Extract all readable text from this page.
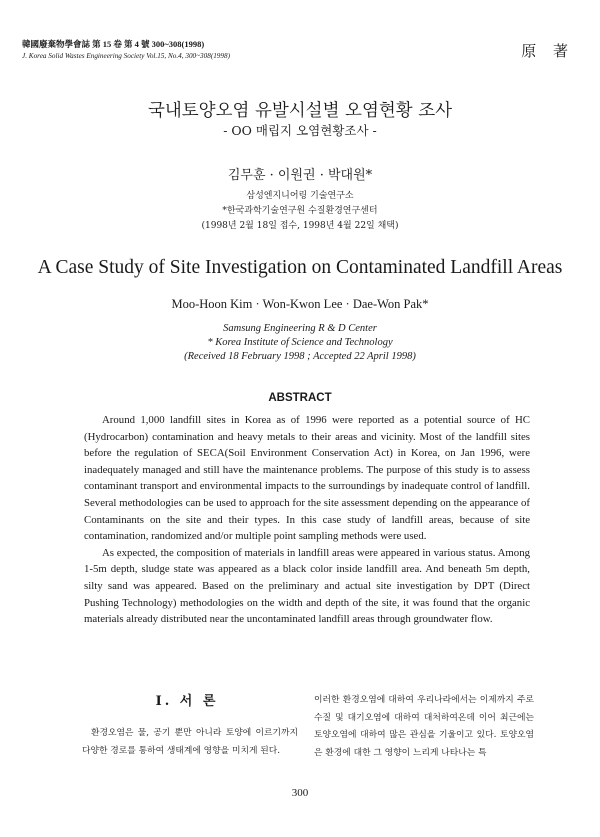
韓國廢棄物學會誌 第 15 卷 第 4 號 300~308(1998)
J. Korea Solid Wastes Engineering Society Vol.15, No.4, 300~308(1998)	原 著
국내토양오염 유발시설별 오염현황 조사
- OO 매립지 오염현황조사 -
김무훈 · 이원권 · 박대원*
삼성엔지니어링 기술연구소
*한국과학기술연구원 수질환경연구센터
(1998년 2월 18일 접수, 1998년 4월 22일 채택)
A Case Study of Site Investigation on Contaminated Landfill Areas
Moo-Hoon Kim · Won-Kwon Lee · Dae-Won Pak*
Samsung Engineering R & D Center
* Korea Institute of Science and Technology
(Received 18 February 1998 ; Accepted 22 April 1998)
ABSTRACT

Around 1,000 landfill sites in Korea as of 1996 were reported as a potential source of HC (Hydrocarbon) contamination and heavy metals to their areas and vicinity. Most of the landfill sites before the regulation of SECA(Soil Environment Conservation Act) in Korea, on Jan 1996, were inadequately managed and still have the maintenance problems. The purpose of this study is to assess contaminant transport and environmental impacts to the surroundings by inadequate control of landfill. Several methodologies can be used to approach for the site assessment depending on the appearance of Contaminants on the site and their types. In this case study of landfill areas, because of site contamination, randomized and/or multiple point sampling methods were used.

As expected, the composition of materials in landfill areas were appeared in various status. Among 1-5m depth, sludge state was appeared as a black color inside landfill area. And beneath 5m depth, silty sand was appeared. Based on the preliminary and actual site investigation by DPT (Direct Pushing Technology) methodologies on the width and depth of the site, it was found that the organic materials already distributed near the uncontaminated landfill areas through groundwater flow.

I. 서 론

환경오염은 물, 공기 뿐만 아니라 토양에 이르기까지 다양한 경로를 통하여 생태계에 영향을 미치게 된다.

이러한 환경오염에 대하여 우리나라에서는 이제까지 주로 수질 및 대기오염에 대하여 대처하여온데 이어 최근에는 토양오염에 대하여 많은 관심을 기울이고 있다. 토양오염은 환경에 대한 그 영향이 느리게 나타나는 특

300
